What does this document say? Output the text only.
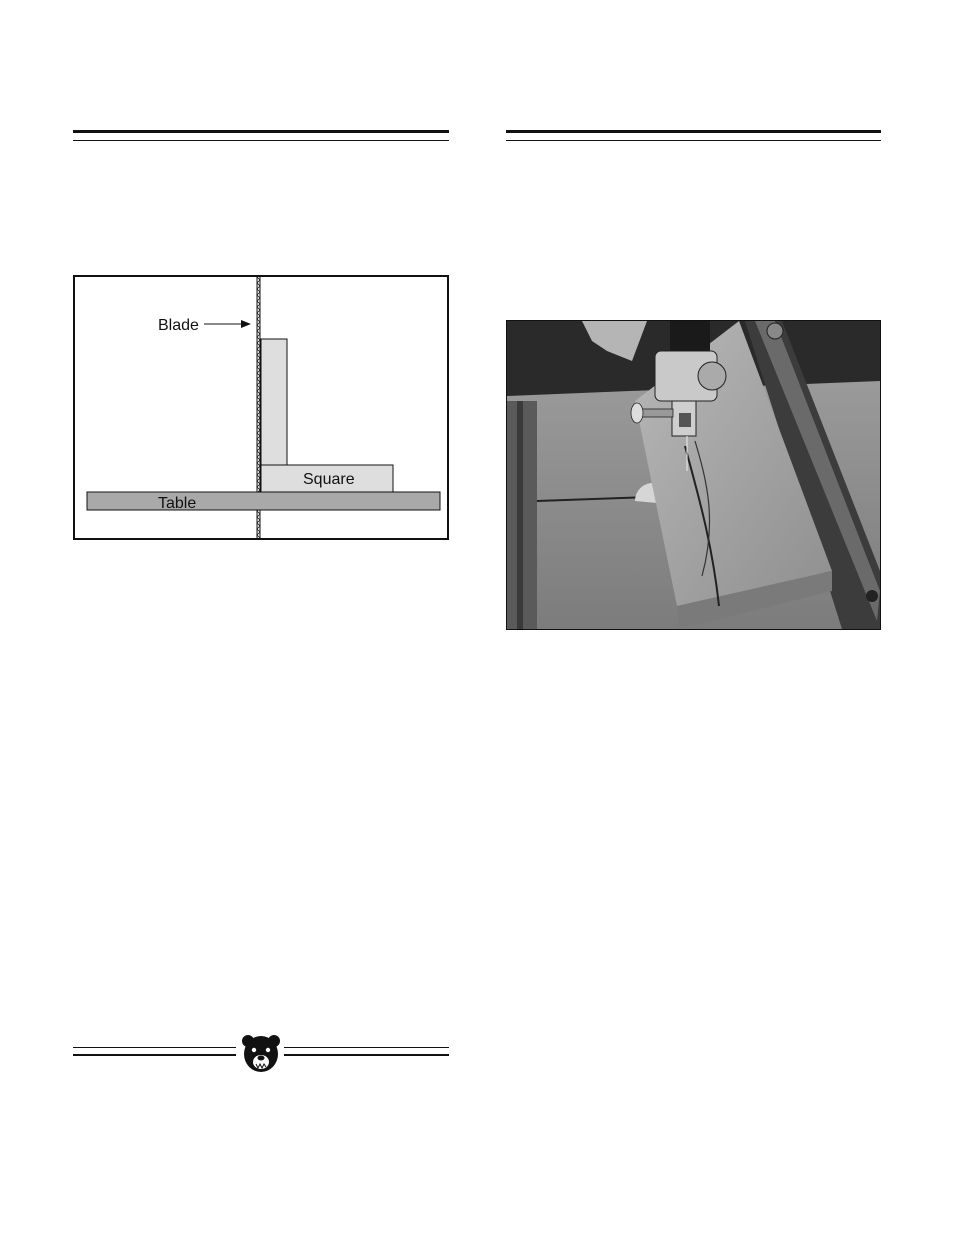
Blade
Square
Table
